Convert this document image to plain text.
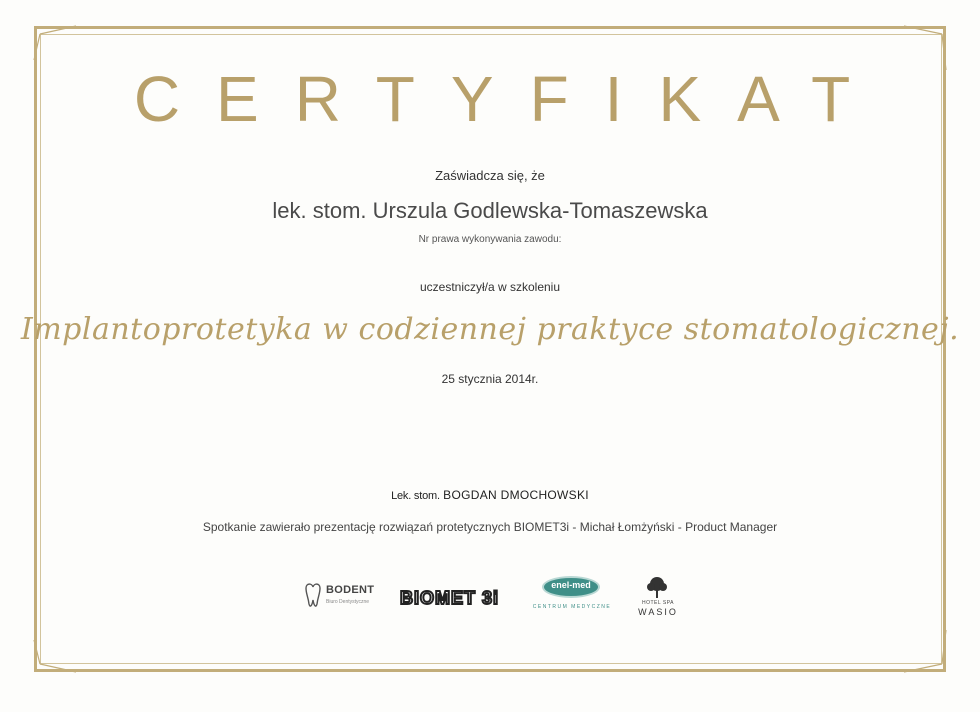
CERTYFIKAT
Zaświadcza się, że
lek. stom. Urszula Godlewska-Tomaszewska
Nr prawa wykonywania zawodu:
uczestniczył/a w szkoleniu
Implantoprotetyka w codziennej praktyce stomatologicznej.
25 stycznia 2014r.
Lek. stom. BOGDAN DMOCHOWSKI
Spotkanie zawierało prezentację rozwiązań protetycznych BIOMET3i - Michał Łomżyński - Product Manager
BODENT
Biuro Dentystyczne	BIOMET 3i
enel-med
CENTRUM MEDYCZNE
HOTEL SPA
WASIO
